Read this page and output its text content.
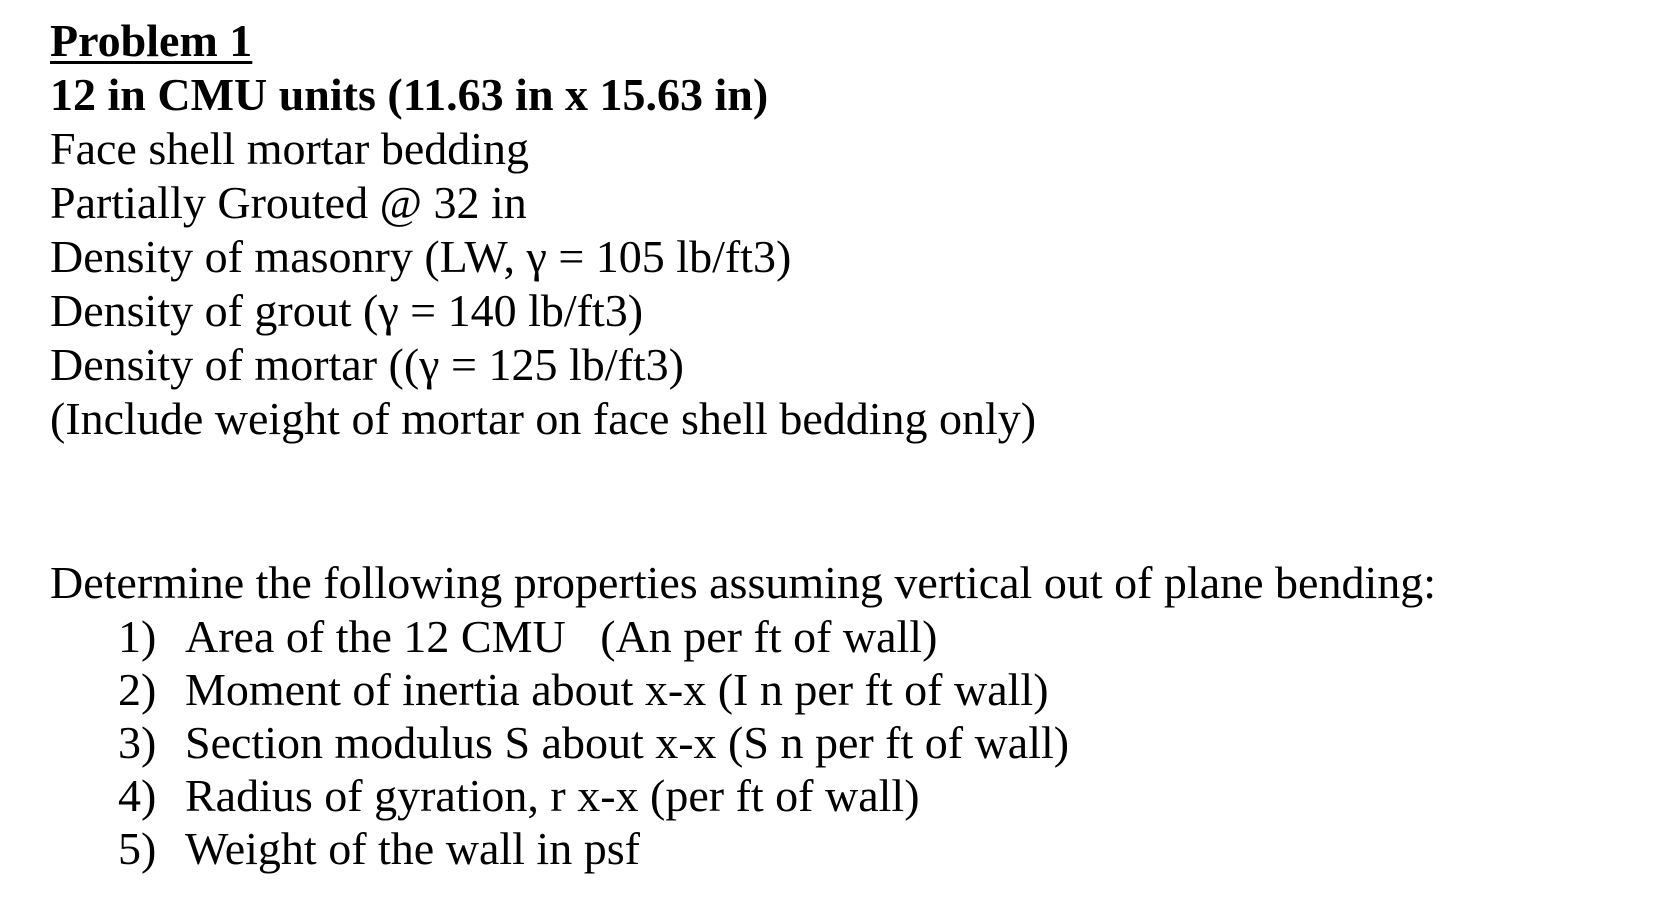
Problem 1
12 in CMU units (11.63 in x 15.63 in)
Face shell mortar bedding
Partially Grouted @ 32 in
Density of masonry (LW, γ = 105 lb/ft3)
Density of grout (γ = 140 lb/ft3)
Density of mortar ((γ = 125 lb/ft3)
(Include weight of mortar on face shell bedding only)
Determine the following properties assuming vertical out of plane bending:
1) Area of the 12 CMU   (An per ft of wall)
2) Moment of inertia about x-x (I n per ft of wall)
3) Section modulus S about x-x (S n per ft of wall)
4) Radius of gyration, r x-x (per ft of wall)
5) Weight of the wall in psf
